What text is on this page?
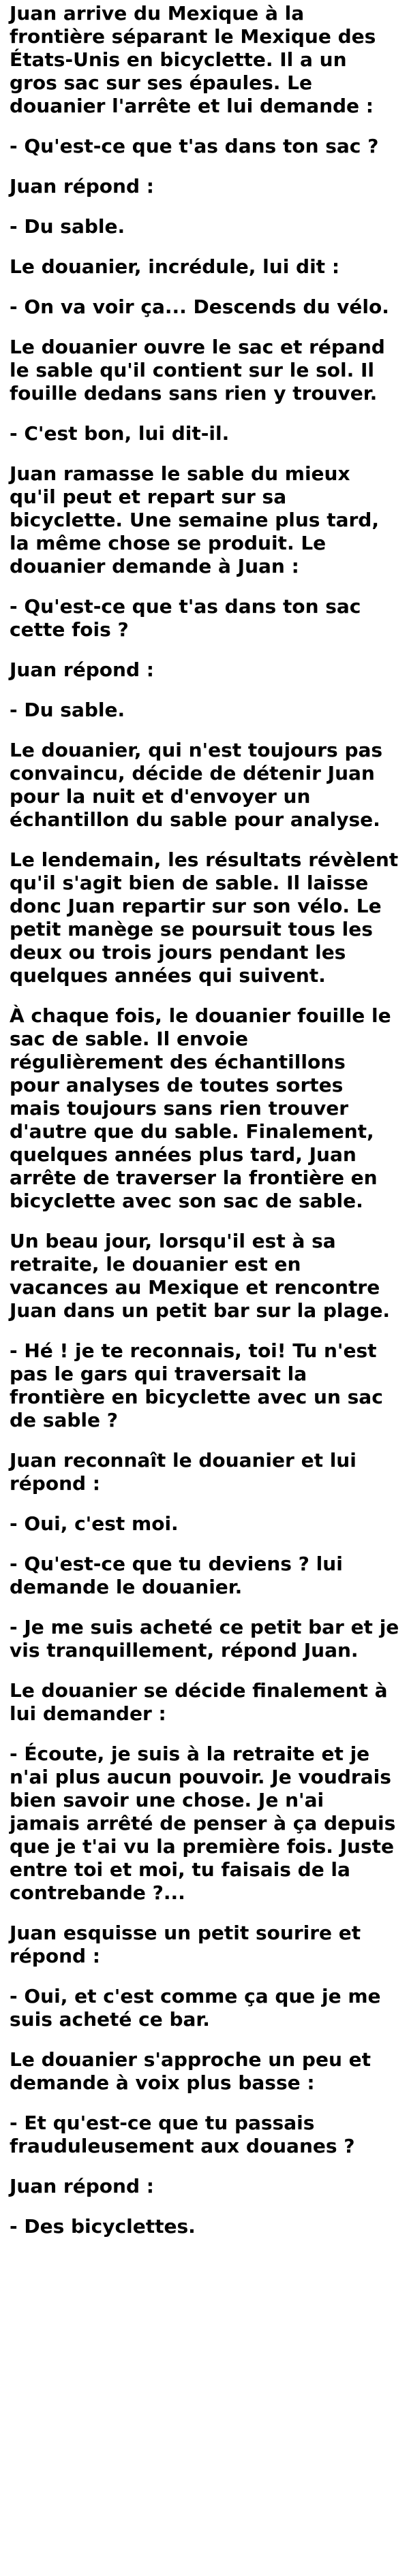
Juan arrive du Mexique à la frontière séparant le Mexique des États-Unis en bicyclette. Il a un gros sac sur ses épaules. Le douanier l'arrête et lui demande :

- Qu'est-ce que t'as dans ton sac ?

Juan répond :

- Du sable.

Le douanier, incrédule, lui dit :

- On va voir ça... Descends du vélo.

Le douanier ouvre le sac et répand le sable qu'il contient sur le sol. Il fouille dedans sans rien y trouver.

- C'est bon, lui dit-il.

Juan ramasse le sable du mieux qu'il peut et repart sur sa bicyclette. Une semaine plus tard, la même chose se produit. Le douanier demande à Juan :

- Qu'est-ce que t'as dans ton sac cette fois ?

Juan répond :

- Du sable.

Le douanier, qui n'est toujours pas convaincu, décide de détenir Juan pour la nuit et d'envoyer un échantillon du sable pour analyse.

Le lendemain, les résultats révèlent qu'il s'agit bien de sable. Il laisse donc Juan repartir sur son vélo. Le petit manège se poursuit tous les deux ou trois jours pendant les quelques années qui suivent.

À chaque fois, le douanier fouille le sac de sable. Il envoie régulièrement des échantillons pour analyses de toutes sortes mais toujours sans rien trouver d'autre que du sable. Finalement, quelques années plus tard, Juan arrête de traverser la frontière en bicyclette avec son sac de sable.

Un beau jour, lorsqu'il est à sa retraite, le douanier est en vacances au Mexique et rencontre Juan dans un petit bar sur la plage.

- Hé ! je te reconnais, toi! Tu n'est pas le gars qui traversait la frontière en bicyclette avec un sac de sable ?

Juan reconnaît le douanier et lui répond :

- Oui, c'est moi.

- Qu'est-ce que tu deviens ? lui demande le douanier.

- Je me suis acheté ce petit bar et je vis tranquillement, répond Juan.

Le douanier se décide finalement à lui demander :

- Écoute, je suis à la retraite et je n'ai plus aucun pouvoir. Je voudrais bien savoir une chose. Je n'ai jamais arrêté de penser à ça depuis que je t'ai vu la première fois. Juste entre toi et moi, tu faisais de la contrebande ?...

Juan esquisse un petit sourire et répond :

- Oui, et c'est comme ça que je me suis acheté ce bar.

Le douanier s'approche un peu et demande à voix plus basse :

- Et qu'est-ce que tu passais frauduleusement aux douanes ?

Juan répond :

- Des bicyclettes.
